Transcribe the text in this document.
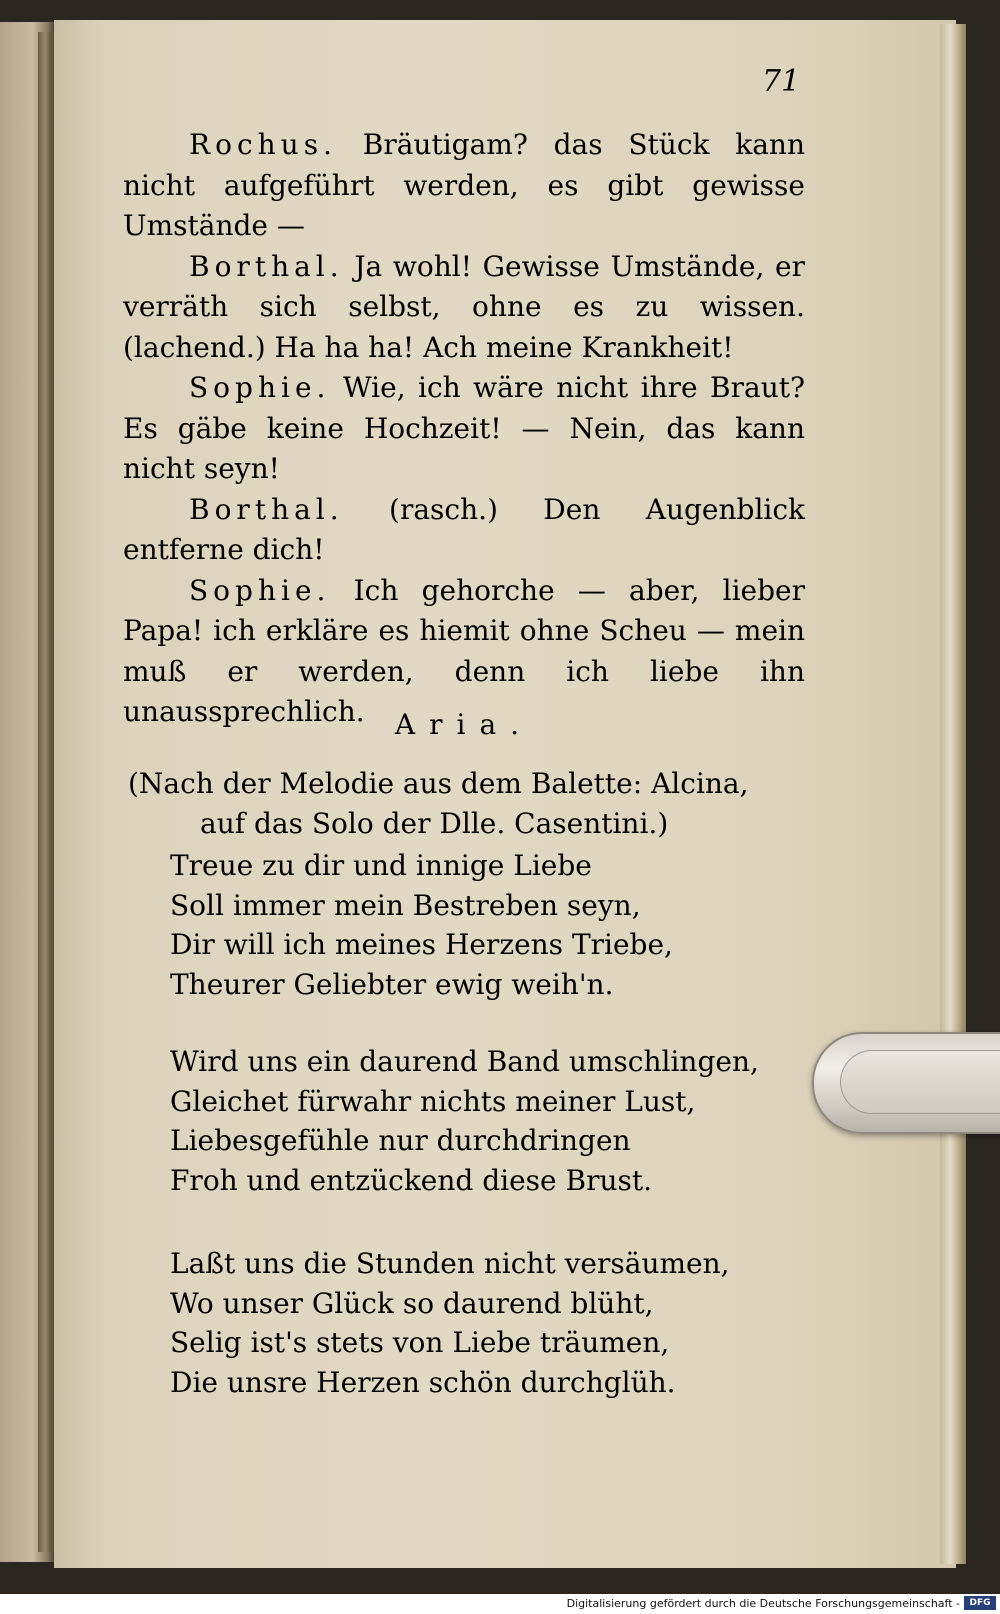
71

Rochus. Bräutigam? das Stück kann nicht aufgeführt werden, es gibt gewisse Umstände —

Borthal. Ja wohl! Gewisse Umstände, er verräth sich selbst, ohne es zu wissen. (lachend.) Ha ha ha! Ach meine Krankheit!

Sophie. Wie, ich wäre nicht ihre Braut? Es gäbe keine Hochzeit! — Nein, das kann nicht seyn!

Borthal. (rasch.) Den Augenblick entferne dich!

Sophie. Ich gehorche — aber, lieber Papa! ich erkläre es hiemit ohne Scheu — mein muß er werden, denn ich liebe ihn unaussprechlich.	Aria.
(Nach der Melodie aus dem Balette: Alcina,
auf das Solo der Dlle. Casentini.)
Treue zu dir und innige Liebe
Soll immer mein Bestreben seyn,
Dir will ich meines Herzens Triebe,
Theurer Geliebter ewig weih'n.
Wird uns ein daurend Band umschlingen,
Gleichet fürwahr nichts meiner Lust,
Liebesgefühle nur durchdringen
Froh und entzückend diese Brust.
Laßt uns die Stunden nicht versäumen,
Wo unser Glück so daurend blüht,
Selig ist's stets von Liebe träumen,
Die unsre Herzen schön durchglüh.
Digitalisierung gefördert durch die Deutsche Forschungsgemeinschaft -	DFG
